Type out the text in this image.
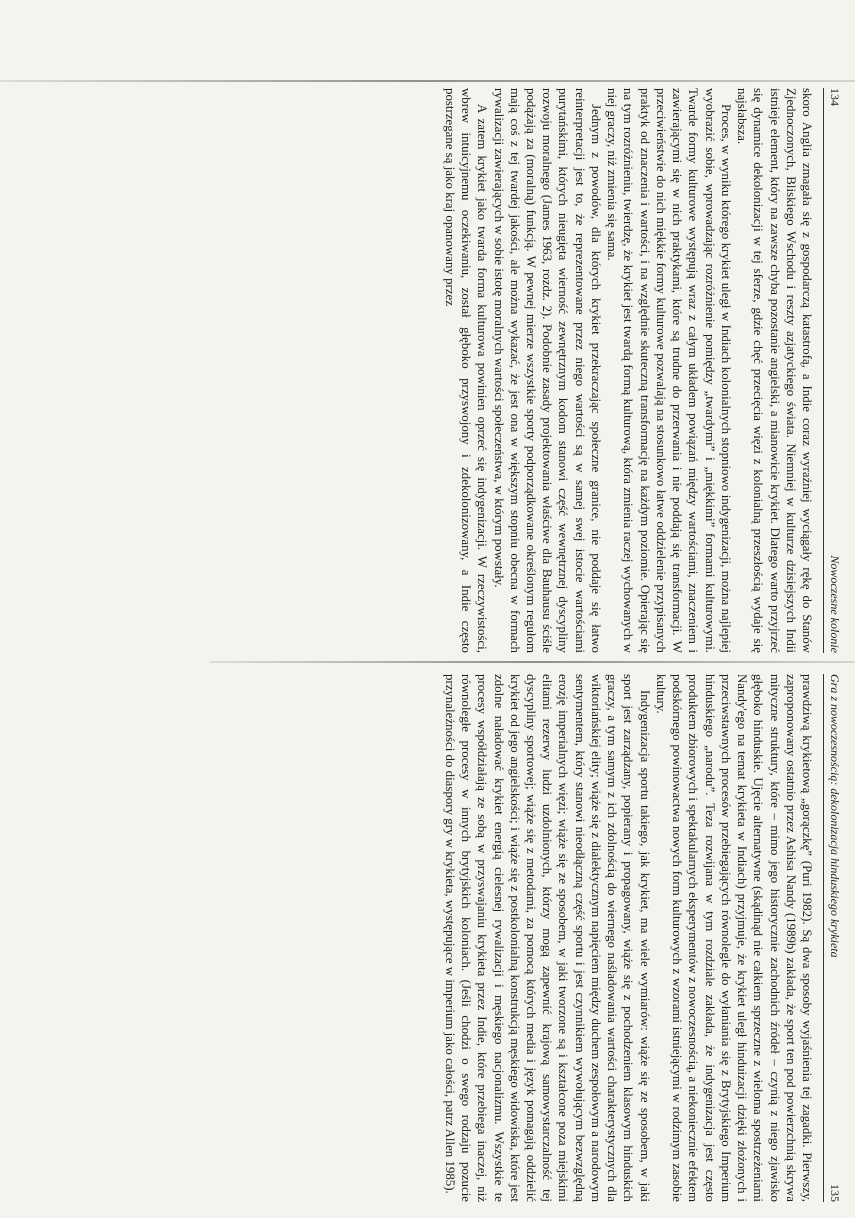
134
Nowoczesne kolonie

skoro Anglia zmagała się z gospodarczą katastrofą, a Indie coraz wyraźniej wyciągały rękę do Stanów Zjednoczonych, Bliskiego Wschodu i reszty azjatyckiego świata. Niemniej w kulturze dzisiejszych Indii istnieje element, który na zawsze chyba pozostanie angielski, a mianowicie krykiet. Dlatego warto przyjrzeć się dynamice dekolonizacji w tej sferze, gdzie chęć przecięcia więzi z kolonialną przeszłością wydaje się najsłabsza.

Proces, w wyniku którego krykiet uległ w Indiach kolonialnych stopniowo indygenizacji, można najlepiej wyobrazić sobie, wprowadzając rozróżnienie pomiędzy „twardymi” i „miękkimi” formami kulturowymi. Twarde formy kulturowe występują wraz z całym układem powiązań między wartościami, znaczeniem i zawierającymi się w nich praktykami, które są trudne do przerwania i nie poddają się transformacji. W przeciwieństwie do nich miękkie formy kulturowe pozwalają na stosunkowo łatwe oddzielenie przypisanych praktyk od znaczenia i wartości, i na względnie skuteczną transformację na każdym poziomie. Opierając się na tym rozróżnieniu, twierdzę, że krykiet jest twardą formą kulturową, która zmienia raczej wychowanych w niej graczy, niż zmienia się sama.

Jednym z powodów, dla których krykiet przekraczając społeczne granice, nie poddaje się łatwo reinterpretacji jest to, że reprezentowane przez niego wartości są w samej swej istocie wartościami purytańskimi, których nieugięta wierność zewnętrznym kodom stanowi część wewnętrznej dyscypliny rozwoju moralnego (James 1963, rozdz. 2). Podobnie zasady projektowania właściwe dla Bauhausu ściśle podążają za (moralną) funkcją. W pewnej mierze wszystkie sporty podporządkowane określonym regułom mają coś z tej twardej jakości, ale można wykazać, że jest ona w większym stopniu obecna w formach rywalizacji zawierających w sobie istotę moralnych wartości społeczeństwa, w którym powstały.

A zatem krykiet jako twarda forma kulturowa powinien oprzeć się indygenizacji. W rzeczywistości, wbrew intuicyjnemu oczekiwaniu, został głęboko przyswojony i zdekolonizowany, a Indie często postrzegane są jako kraj opanowany przez

Gra z nowoczesnością: dekolonizacja hinduskiego krykieta
135

prawdziwą krykietową „gorączkę” (Puri 1982). Są dwa sposoby wyjaśnienia tej zagadki. Pierwszy, zaproponowany ostatnio przez Ashisa Nandy (1989b) zakłada, że sport ten pod powierzchnią skrywa mityczne struktury, które – mimo jego historycznie zachodnich źródeł – czynią z niego zjawisko głęboko hinduskie. Ujęcie alternatywne (skądinąd nie całkiem sprzeczne z wieloma spostrzeżeniami Nandy'ego na temat krykieta w Indiach) przyjmuje, że krykiet uległ hinduizacji dzięki złożonych i przeciwstawnych procesów przebiegających równolegle do wyłaniania się z Brytyjskiego Imperium hinduskiego „narodu”. Teza rozwijana w tym rozdziale zakłada, że indygenizacja jest często produktem zbiorowych i spektakularnych eksperymentów z nowoczesnością, a niekoniecznie efektem podskórnego powinowactwa nowych form kulturowych z wzorami istniejącymi w rodzimym zasobie kultury.

Indygenizacja sportu takiego, jak krykiet, ma wiele wymiarów: wiąże się ze sposobem, w jaki sport jest zarządzany, popierany i propagowany, wiąże się z pochodzeniem klasowym hinduskich graczy, a tym samym z ich zdolnością do wiernego naśladowania wartości charakterystycznych dla wiktoriańskiej elity; wiąże się z dialektycznym napięciem między duchem zespołowym a narodowym sentymentem, który stanowi nieodłączną część sportu i jest czynnikiem wywołującym bezwzględną erozję imperialnych więzi; wiąże się ze sposobem, w jaki tworzone są i kształcone poza miejskimi elitami rezerwy ludzi uzdolnionych, którzy mogą zapewnić krajową samowystarczalność tej dyscypliny sportowej; wiąże się z metodami, za pomocą których media i język pomagają oddzielić krykiet od jego angielskości; i wiąże się z postkolonialną konstrukcją męskiego widowiska, które jest zdolne naładować krykiet energią cielesnej rywalizacji i męskiego nacjonalizmu. Wszystkie te procesy współdziałają ze sobą w przyswajaniu krykieta przez Indie, które przebiega inaczej, niż równoległe procesy w innych brytyjskich koloniach. (Jeśli chodzi o swego rodzaju pozucie przynależności do diaspory gry w krykieta, występujące w imperium jako całości, patrz Allen 1985).
